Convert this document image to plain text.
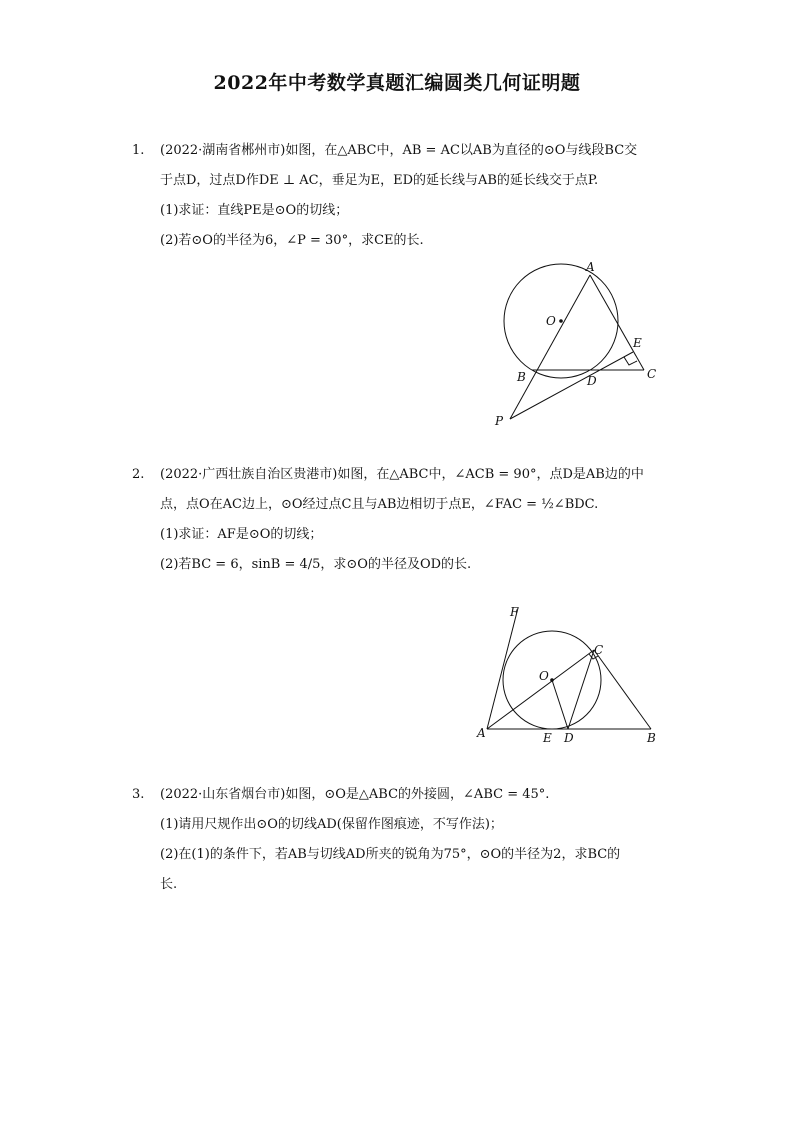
2022年中考数学真题汇编圆类几何证明题
1.	(2022·湖南省郴州市)如图，在△ABC中，AB = AC以AB为直径的⊙O与线段BC交
于点D，过点D作DE ⊥ AC，垂足为E，ED的延长线与AB的延长线交于点P.
(1)求证：直线PE是⊙O的切线；
(2)若⊙O的半径为6，∠P = 30°，求CE的长.
A
O
E
B	D	C
P
2.	(2022·广西壮族自治区贵港市)如图，在△ABC中，∠ACB = 90°，点D是AB边的中
点，点O在AC边上，⊙O经过点C且与AB边相切于点E，∠FAC = ½∠BDC.
(1)求证：AF是⊙O的切线；
(2)若BC = 6，sinB = 4/5，求⊙O的半径及OD的长.
F
C
O
A	E D	B
3.	(2022·山东省烟台市)如图，⊙O是△ABC的外接圆，∠ABC = 45°.
(1)请用尺规作出⊙O的切线AD(保留作图痕迹，不写作法)；
(2)在(1)的条件下，若AB与切线AD所夹的锐角为75°，⊙O的半径为2，求BC的
长.
